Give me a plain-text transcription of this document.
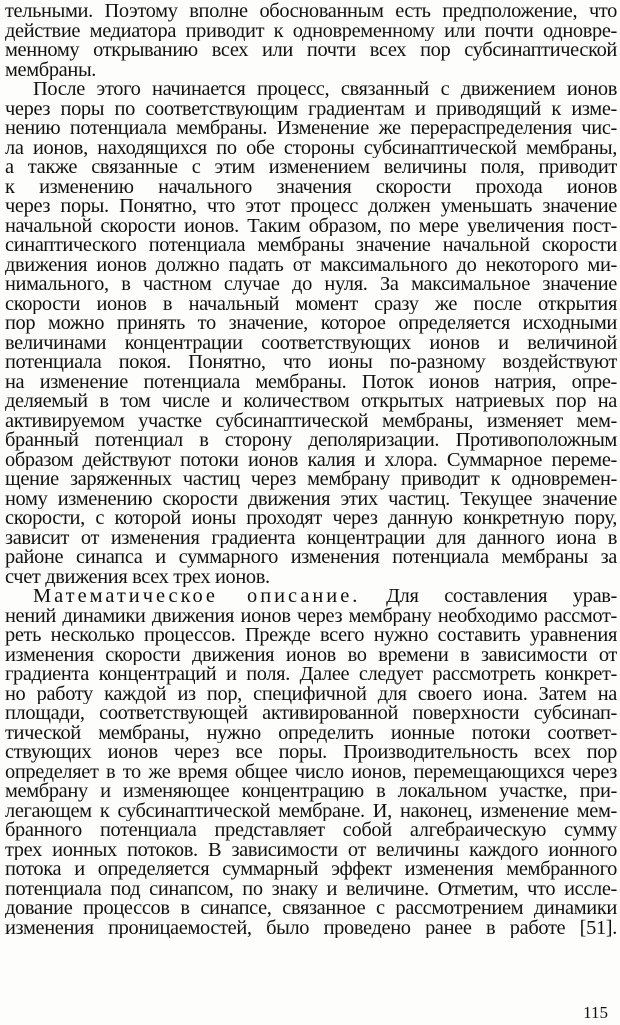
тельными. Поэтому вполне обоснованным есть предположение, что
действие медиатора приводит к одновременному или почти одновре-
менному открыванию всех или почти всех пор субсинаптической
мембраны.
После этого начинается процесс, связанный с движением ионов
через поры по соответствующим градиентам и приводящий к изме-
нению потенциала мембраны. Изменение же перераспределения чис-
ла ионов, находящихся по обе стороны субсинаптической мембраны,
а также связанные с этим изменением величины поля, приводит
к изменению начального значения скорости прохода ионов
через поры. Понятно, что этот процесс должен уменьшать значение
начальной скорости ионов. Таким образом, по мере увеличения пост-
синаптического потенциала мембраны значение начальной скорости
движения ионов должно падать от максимального до некоторого ми-
нимального, в частном случае до нуля. За максимальное значение
скорости ионов в начальный момент сразу же после открытия
пор можно принять то значение, которое определяется исходными
величинами концентрации соответствующих ионов и величиной
потенциала покоя. Понятно, что ионы по-разному воздействуют
на изменение потенциала мембраны. Поток ионов натрия, опре-
деляемый в том числе и количеством открытых натриевых пор на
активируемом участке субсинаптической мембраны, изменяет мем-
бранный потенциал в сторону деполяризации. Противоположным
образом действуют потоки ионов калия и хлора. Суммарное переме-
щение заряженных частиц через мембрану приводит к одновремен-
ному изменению скорости движения этих частиц. Текущее значение
скорости, с которой ионы проходят через данную конкретную пору,
зависит от изменения градиента концентрации для данного иона в
районе синапса и суммарного изменения потенциала мембраны за
счет движения всех трех ионов.
Математическое описание. Для составления урав-
нений динамики движения ионов через мембрану необходимо рассмот-
реть несколько процессов. Прежде всего нужно составить уравнения
изменения скорости движения ионов во времени в зависимости от
градиента концентраций и поля. Далее следует рассмотреть конкрет-
но работу каждой из пор, специфичной для своего иона. Затем на
площади, соответствующей активированной поверхности субсинап-
тической мембраны, нужно определить ионные потоки соответ-
ствующих ионов через все поры. Производительность всех пор
определяет в то же время общее число ионов, перемещающихся через
мембрану и изменяющее концентрацию в локальном участке, при-
легающем к субсинаптической мембране. И, наконец, изменение мем-
бранного потенциала представляет собой алгебраическую сумму
трех ионных потоков. В зависимости от величины каждого ионного
потока и определяется суммарный эффект изменения мембранного
потенциала под синапсом, по знаку и величине. Отметим, что иссле-
дование процессов в синапсе, связанное с рассмотрением динамики
изменения проницаемостей, было проведено ранее в работе [51].
115
